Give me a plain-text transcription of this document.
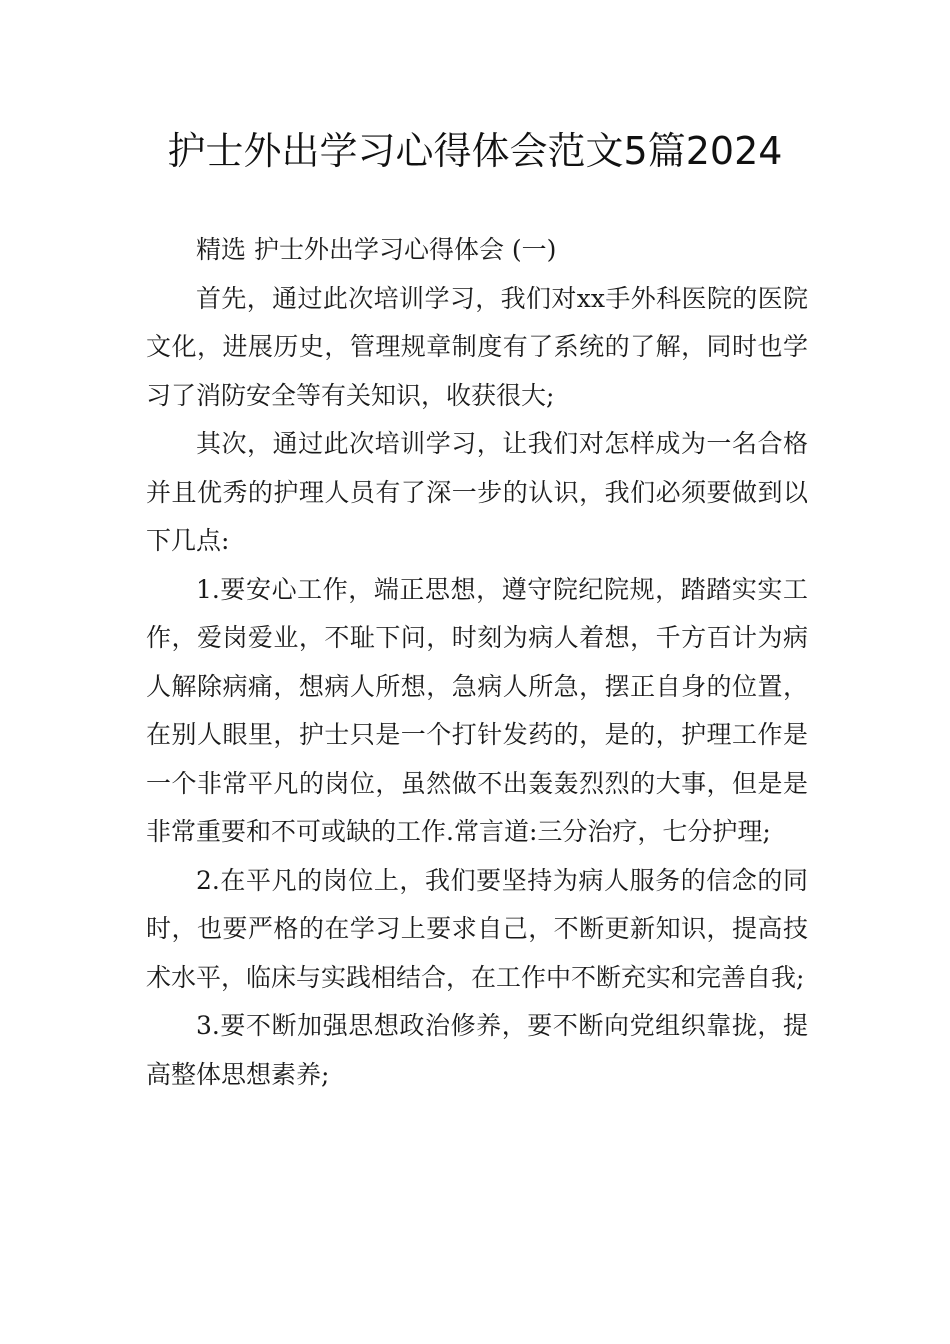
护士外出学习心得体会范文5篇2024

精选 护士外出学习心得体会 (一)

首先，通过此次培训学习，我们对xx手外科医院的医院文化，进展历史，管理规章制度有了系统的了解，同时也学习了消防安全等有关知识，收获很大;

其次，通过此次培训学习，让我们对怎样成为一名合格并且优秀的护理人员有了深一步的认识，我们必须要做到以下几点:

1.要安心工作，端正思想，遵守院纪院规，踏踏实实工作，爱岗爱业，不耻下问，时刻为病人着想，千方百计为病人解除病痛，想病人所想，急病人所急，摆正自身的位置，在别人眼里，护士只是一个打针发药的，是的，护理工作是一个非常平凡的岗位，虽然做不出轰轰烈烈的大事，但是是非常重要和不可或缺的工作.常言道:三分治疗，七分护理;

2.在平凡的岗位上，我们要坚持为病人服务的信念的同时，也要严格的在学习上要求自己，不断更新知识，提高技术水平，临床与实践相结合，在工作中不断充实和完善自我;

3.要不断加强思想政治修养，要不断向党组织靠拢，提高整体思想素养;
